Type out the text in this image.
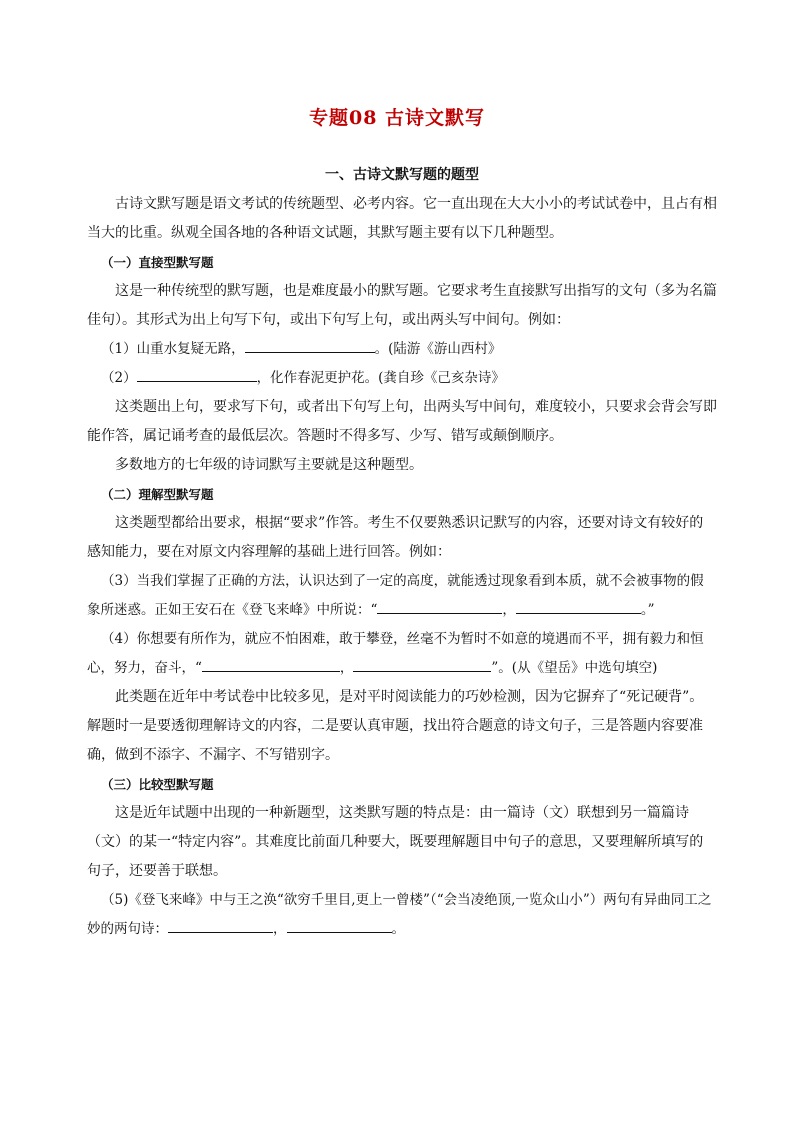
专题08 古诗文默写

一、古诗文默写题的题型

古诗文默写题是语文考试的传统题型、必考内容。它一直出现在大大小小的考试试卷中，且占有相当大的比重。纵观全国各地的各种语文试题，其默写题主要有以下几种题型。

（一）直接型默写题

这是一种传统型的默写题，也是难度最小的默写题。它要求考生直接默写出指写的文句（多为名篇佳句）。其形式为出上句写下句，或出下句写上句，或出两头写中间句。例如：

（1）山重水复疑无路，	。(陆游《游山西村》

（2）	，化作春泥更护花。(龚自珍《己亥杂诗》

这类题出上句，要求写下句，或者出下句写上句，出两头写中间句，难度较小，只要求会背会写即能作答，属记诵考查的最低层次。答题时不得多写、少写、错写或颠倒顺序。

多数地方的七年级的诗词默写主要就是这种题型。

（二）理解型默写题

这类题型都给出要求，根据“要求”作答。考生不仅要熟悉识记默写的内容，还要对诗文有较好的感知能力，要在对原文内容理解的基础上进行回答。例如：

（3）当我们掌握了正确的方法，认识达到了一定的高度，就能透过现象看到本质，就不会被事物的假象所迷惑。正如王安石在《登飞来峰》中所说：“	，	。”

（4）你想要有所作为，就应不怕困难，敢于攀登，丝毫不为暂时不如意的境遇而不平，拥有毅力和恒心，努力，奋斗，“	，	”。(从《望岳》中选句填空)

此类题在近年中考试卷中比较多见，是对平时阅读能力的巧妙检测，因为它摒弃了“死记硬背”。解题时一是要透彻理解诗文的内容，二是要认真审题，找出符合题意的诗文句子，三是答题内容要准确，做到不添字、不漏字、不写错别字。

（三）比较型默写题

这是近年试题中出现的一种新题型，这类默写题的特点是：由一篇诗（文）联想到另一篇篇诗（文）的某一“特定内容”。其难度比前面几种要大，既要理解题目中句子的意思，又要理解所填写的句子，还要善于联想。

（5)《登飞来峰》中与王之涣“欲穷千里目,更上一曾楼”（“会当凌绝顶,一览众山小”）两句有异曲同工之妙的两句诗：	，	。
